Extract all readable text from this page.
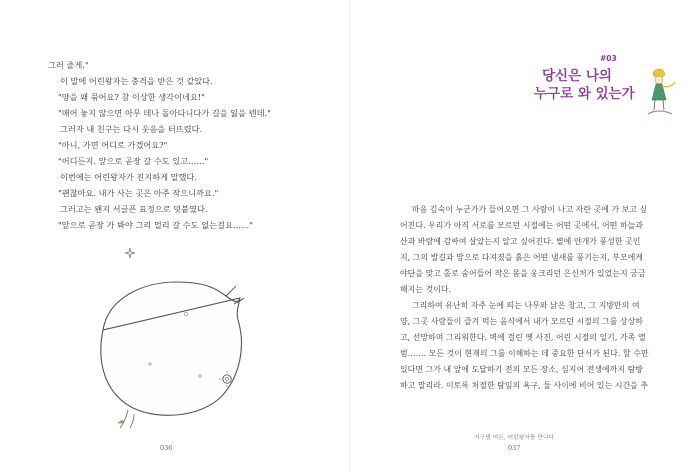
그러 줄게."
이 말에 어린왕자는 충격을 받은 것 같았다.
"양을 왜 묶어요? 참 이상한 생각이네요!"
"매어 놓지 않으면 아무 데나 돌아다니다가 길을 잃을 텐데."
그러자 내 친구는 다시 웃음을 터뜨렸다.
"아니, 가면 어디로 가겠어요?"
"어디든지. 앞으로 곧장 갈 수도 있고……"
이번에는 어린왕자가 진지하게 말했다.
"괜찮아요. 내가 사는 곳은 아주 작으니까요."
그러고는 왠지 서글픈 표정으로 덧붙였다.
"앞으로 곧장 가 봐야 그리 멀리 갈 수도 없는걸요……"
036
#03
당신은 나의
누구로 와 있는가
마음 깊숙이 누군가가 들어오면 그 사람이 나고 자란 곳에 가 보고 싶
어진다. 우리가 아직 서로를 모르던 시절에는 어떤 곳에서, 어떤 하늘과
산과 바람에 감싸여 살았는지 알고 싶어진다. 볕에 얀개가 풍성한 곳인
지, 그의 발길과 맘으로 다져졌을 흙은 어떤 냄새를 풍기는지, 부모에게
야단을 맞고 홀로 숨어들어 작은 몸을 웅크리던 은신처가 있었는지 궁금
해지는 것이다.
그리하여 유난히 자주 눈에 띄는 나무와 낡은 창고, 그 지방만의 여
양, 그곳 사람들이 즐겨 먹는 음식에서 내가 모르던 시절의 그를 상상하
고, 선망하며 그리워한다. 벽에 걸린 옛 사진, 어린 시절의 일기, 가족 앨
범……. 모든 것이 현재의 그를 이해하는 데 중요한 단서가 된다. 할 수만
있다면 그가 내 앞에 도달하기 전의 모든 장소, 심지어 전생에까지 탐방
하고 말리라. 이토록 처절한 탐임의 욕구, 둘 사이에 비어 있는 시간을 추
지구별 여돈, 어린왕자를 만나다
037
